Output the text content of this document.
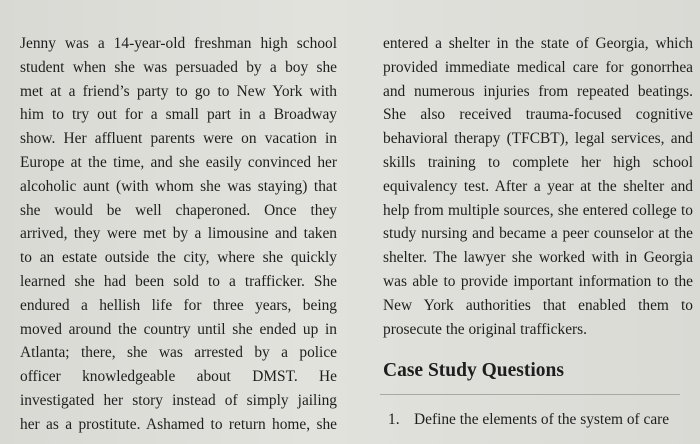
Jenny was a 14-year-old freshman high school
student when she was persuaded by a boy she
met at a friend’s party to go to New York with
him to try out for a small part in a Broadway
show. Her affluent parents were on vacation in
Europe at the time, and she easily convinced her
alcoholic aunt (with whom she was staying) that
she would be well chaperoned. Once they
arrived, they were met by a limousine and taken
to an estate outside the city, where she quickly
learned she had been sold to a trafficker. She
endured a hellish life for three years, being
moved around the country until she ended up in
Atlanta; there, she was arrested by a police
officer knowledgeable about DMST. He
investigated her story instead of simply jailing
her as a prostitute. Ashamed to return home, she
entered a shelter in the state of Georgia, which
provided immediate medical care for gonorrhea
and numerous injuries from repeated beatings.
She also received trauma-focused cognitive
behavioral therapy (TFCBT), legal services, and
skills training to complete her high school
equivalency test. After a year at the shelter and
help from multiple sources, she entered college to
study nursing and became a peer counselor at the
shelter. The lawyer she worked with in Georgia
was able to provide important information to the
New York authorities that enabled them to
prosecute the original traffickers.
Case Study Questions
1. Define the elements of the system of care
